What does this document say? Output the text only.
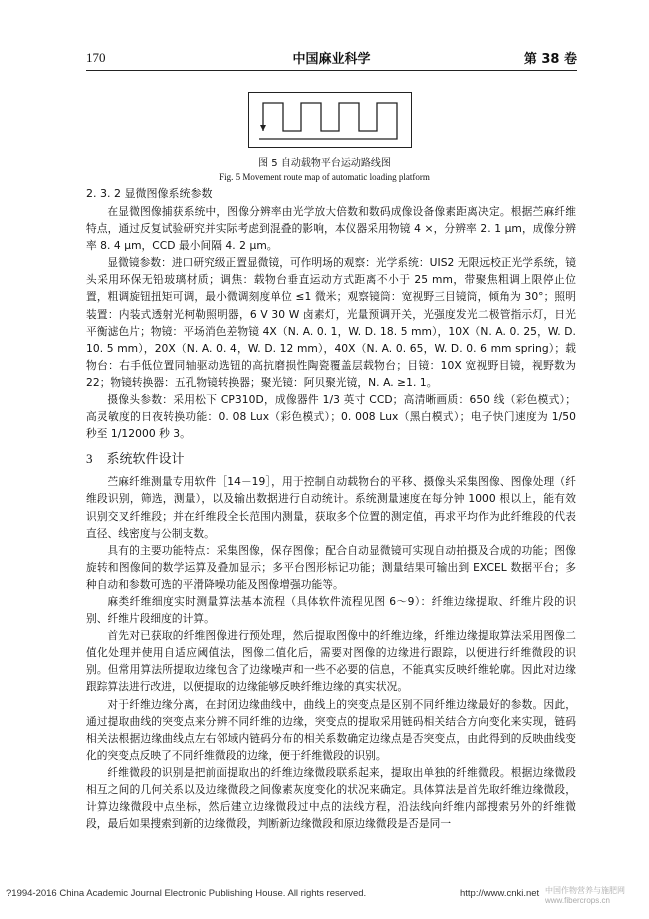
170	中国麻业科学	第 38 卷
图 5 自动载物平台运动路线图
Fig. 5 Movement route map of automatic loading platform
2. 3. 2 显微图像系统参数

在显微图像捕获系统中，图像分辨率由光学放大倍数和数码成像设备像素距离决定。根据苎麻纤维特点，通过反复试验研究并实际考虑到混叠的影响，本仪器采用物镜 4 ×，分辨率 2. 1 μm，成像分辨率 8. 4 μm，CCD 最小间隔 4. 2 μm。

显微镜参数：进口研究级正置显微镜，可作明场的观察：光学系统：UIS2 无限远校正光学系统，镜头采用环保无铅玻璃材质；调焦：载物台垂直运动方式距离不小于 25 mm，带聚焦粗调上限停止位置，粗调旋钮扭矩可调，最小微调刻度单位 ≤1 微米；观察镜筒：宽视野三目镜筒，倾角为 30°；照明装置：内装式透射光柯勒照明器，6 V 30 W 卤素灯，光量预调开关，光强度发光二极管指示灯，日光平衡滤色片；物镜：平场消色差物镜 4X（N. A. 0. 1，W. D. 18. 5 mm），10X（N. A. 0. 25，W. D. 10. 5 mm），20X（N. A. 0. 4，W. D. 12 mm），40X（N. A. 0. 65，W. D. 0. 6 mm spring）；载物台：右手低位置同轴驱动选钮的高抗磨损性陶瓷覆盖层载物台；目镜：10X 宽视野目镜，视野数为 22；物镜转换器：五孔物镜转换器；聚光镜：阿贝聚光镜，N. A. ≥1. 1。

摄像头参数：采用松下 CP310D，成像器件 1/3 英寸 CCD；高清晰画质：650 线（彩色模式）；高灵敏度的日夜转换功能：0. 08 Lux（彩色模式）；0. 008 Lux（黑白模式）；电子快门速度为 1/50 秒至 1/12000 秒 3。

3 系统软件设计

苎麻纤维测量专用软件［14－19］，用于控制自动载物台的平移、摄像头采集图像、图像处理（纤维段识别，筛选，测量），以及输出数据进行自动统计。系统测量速度在每分钟 1000 根以上，能有效识别交叉纤维段；并在纤维段全长范围内测量，获取多个位置的测定值，再求平均作为此纤维段的代表直径、线密度与公制支数。

具有的主要功能特点：采集图像，保存图像；配合自动显微镜可实现自动拍摄及合成的功能；图像旋转和图像间的数学运算及叠加显示；多平台图形标记功能；测量结果可输出到 EXCEL 数据平台；多种自动和参数可选的平滑降噪功能及图像增强功能等。

麻类纤维细度实时测量算法基本流程（具体软件流程见图 6～9）：纤维边缘提取、纤维片段的识别、纤维片段细度的计算。

首先对已获取的纤维图像进行预处理，然后提取图像中的纤维边缘，纤维边缘提取算法采用图像二值化处理并使用自适应阈值法，图像二值化后，需要对图像的边缘进行跟踪，以便进行纤维微段的识别。但常用算法所提取边缘包含了边缘噪声和一些不必要的信息，不能真实反映纤维轮廓。因此对边缘跟踪算法进行改进，以便提取的边缘能够反映纤维边缘的真实状况。

对于纤维边缘分离，在封闭边缘曲线中，曲线上的突变点是区别不同纤维边缘最好的参数。因此，通过提取曲线的突变点来分辨不同纤维的边缘，突变点的提取采用链码相关结合方向变化来实现，链码相关法根据边缘曲线点左右邻域内链码分布的相关系数确定边缘点是否突变点，由此得到的反映曲线变化的突变点反映了不同纤维微段的边缘，便于纤维微段的识别。

纤维微段的识别是把前面提取出的纤维边缘微段联系起来，提取出单独的纤维微段。根据边缘微段相互之间的几何关系以及边缘微段之间像素灰度变化的状况来确定。具体算法是首先取纤维边缘微段，计算边缘微段中点坐标，然后建立边缘微段过中点的法线方程，沿法线向纤维内部搜索另外的纤维微段，最后如果搜索到新的边缘微段，判断新边缘微段和原边缘微段是否是同一

?1994-2016 China Academic Journal Electronic Publishing House. All rights reserved.	http://www.cnki.net 中国作物营养与施肥网 www.fibercrops.cn
